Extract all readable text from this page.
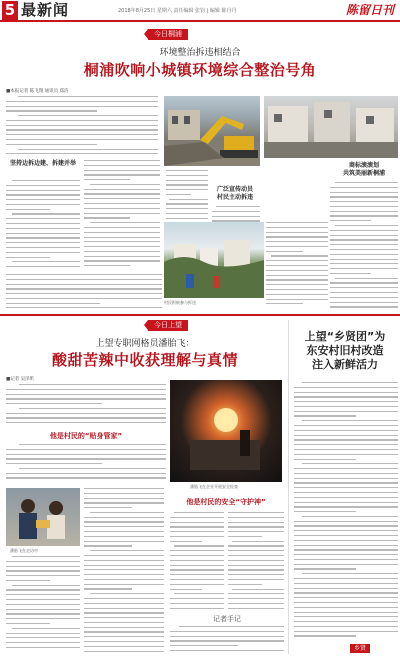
5 最新闻	2018年8月25日 星期六 责任编辑 张钧 | 编辑 陈丹丹	陈留日刊
今日桐浦
环境整治拆违相结合
桐浦吹响小城镇环境综合整治号角
■本报记者 陈飞翔 通讯员 郑洁
坚持边拆边建、拆建并举
广泛宣传动员
村民主动拆违
村民积极参与拆违
商标滚滚划
共筑美丽新桐浦
今日上望
上望专职网格员潘胎飞：
酸甜苦辣中收获理解与真情
■记者 吴泽昕
潘胎飞在企业开展安全检查
他是村民的“贴身管家”
潘胎飞在走访中
他是村民的安全“守护神”
记者手记
上望“乡贤团”为
东安村旧村改造
注入新鲜活力
乡贤
